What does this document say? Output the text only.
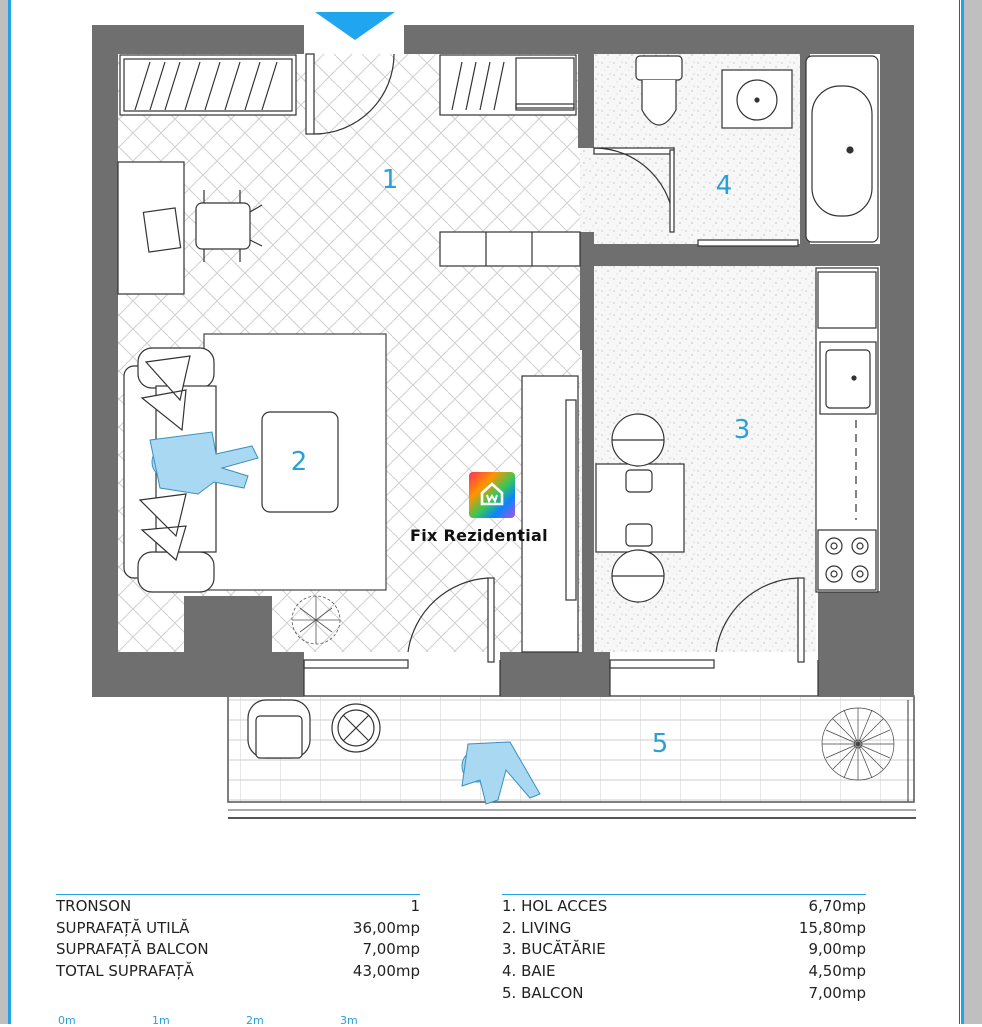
1
2
3
4
5
Fix Rezidential
TRONSON	1
SUPRAFAȚĂ UTILĂ	36,00mp
SUPRAFAȚĂ BALCON	7,00mp
TOTAL SUPRAFAȚĂ	43,00mp
1. HOL ACCES	6,70mp
2. LIVING	15,80mp
3. BUCĂTĂRIE	9,00mp
4. BAIE	4,50mp
5. BALCON	7,00mp
0m	1m	2m	3m
